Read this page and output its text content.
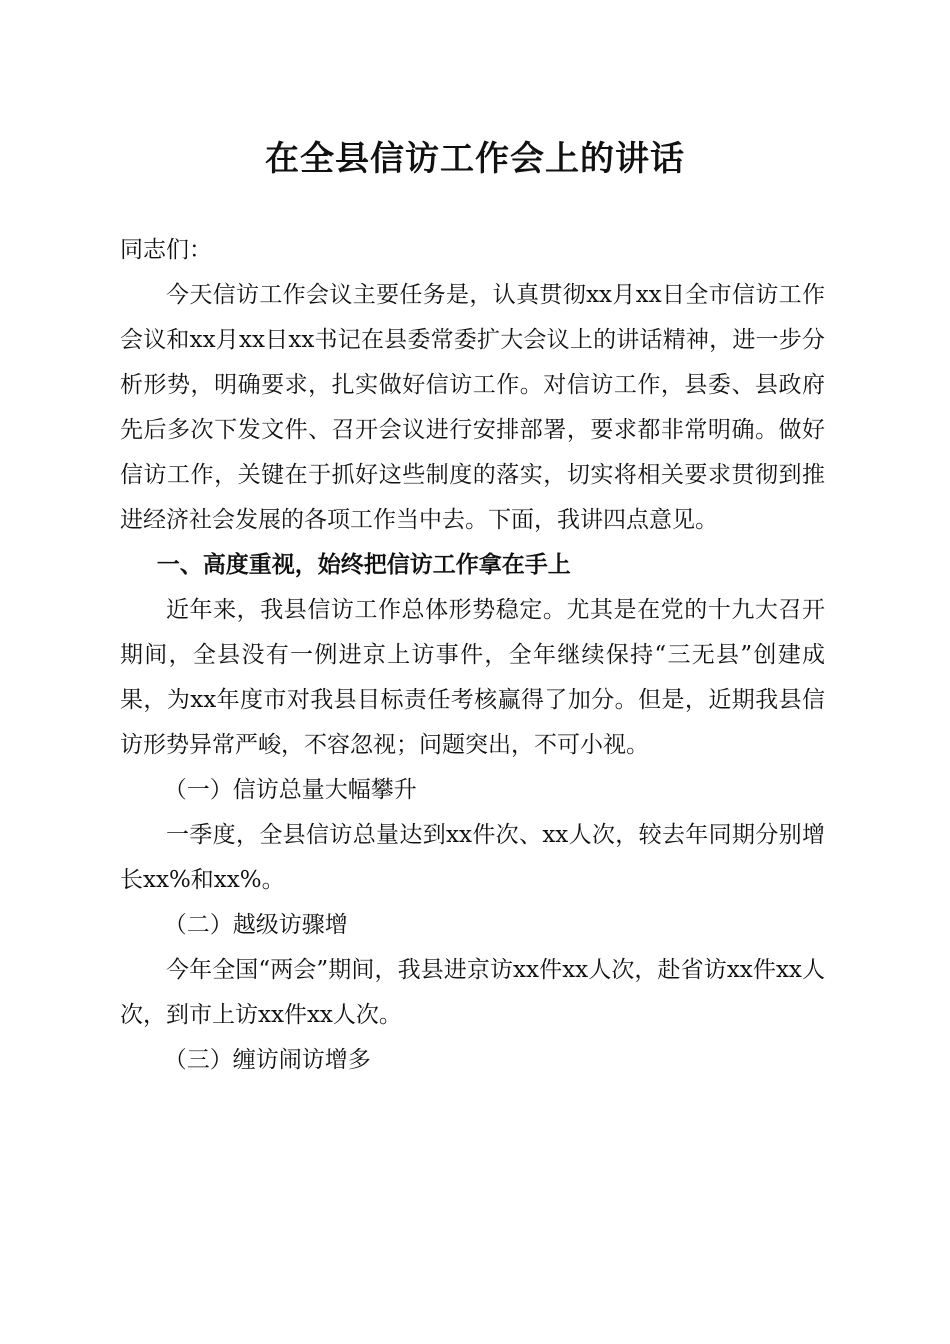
在全县信访工作会上的讲话

同志们：

今天信访工作会议主要任务是，认真贯彻xx月xx日全市信访工作会议和xx月xx日xx书记在县委常委扩大会议上的讲话精神，进一步分析形势，明确要求，扎实做好信访工作。对信访工作，县委、县政府先后多次下发文件、召开会议进行安排部署，要求都非常明确。做好信访工作，关键在于抓好这些制度的落实，切实将相关要求贯彻到推进经济社会发展的各项工作当中去。下面，我讲四点意见。

一、高度重视，始终把信访工作拿在手上

近年来，我县信访工作总体形势稳定。尤其是在党的十九大召开期间，全县没有一例进京上访事件，全年继续保持“三无县”创建成果，为xx年度市对我县目标责任考核赢得了加分。但是，近期我县信访形势异常严峻，不容忽视；问题突出，不可小视。

（一）信访总量大幅攀升

一季度，全县信访总量达到xx件次、xx人次，较去年同期分别增长xx%和xx%。

（二）越级访骤增

今年全国“两会”期间，我县进京访xx件xx人次，赴省访xx件xx人次，到市上访xx件xx人次。

（三）缠访闹访增多
